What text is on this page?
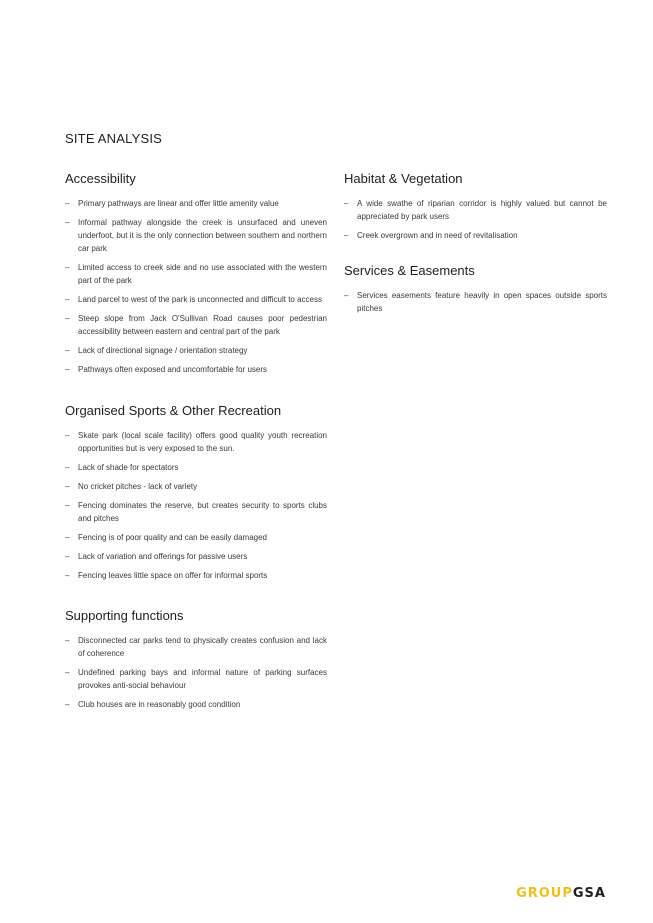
SITE ANALYSIS
Accessibility
– Primary pathways are linear and offer little amenity value
– Informal pathway alongside the creek is unsurfaced and uneven underfoot, but it is the only connection between southern and northern car park
– Limited access to creek side and no use associated with the western part of the park
– Land parcel to west of the park is unconnected and difficult to access
– Steep slope from Jack O'Sullivan Road causes poor pedestrian accessibility between eastern and central part of the park
– Lack of directional signage / orientation strategy
– Pathways often exposed and uncomfortable for users
Organised Sports & Other Recreation
– Skate park (local scale facility) offers good quality youth recreation opportunities but is very exposed to the sun.
– Lack of shade for spectators
– No cricket pitches - lack of variety
– Fencing dominates the reserve, but creates security to sports clubs and pitches
– Fencing is of poor quality and can be easily damaged
– Lack of variation and offerings for passive users
– Fencing leaves little space on offer for informal sports
Supporting functions
– Disconnected car parks tend to physically creates confusion and lack of coherence
– Undefined parking bays and informal nature of parking surfaces provokes anti-social behaviour
– Club houses are in reasonably good condition
Habitat & Vegetation
– A wide swathe of riparian corridor is highly valued but cannot be appreciated by park users
– Creek overgrown and in need of revitalisation
Services & Easements
– Services easements feature heavily in open spaces outside sports pitches
GROUPGSA
